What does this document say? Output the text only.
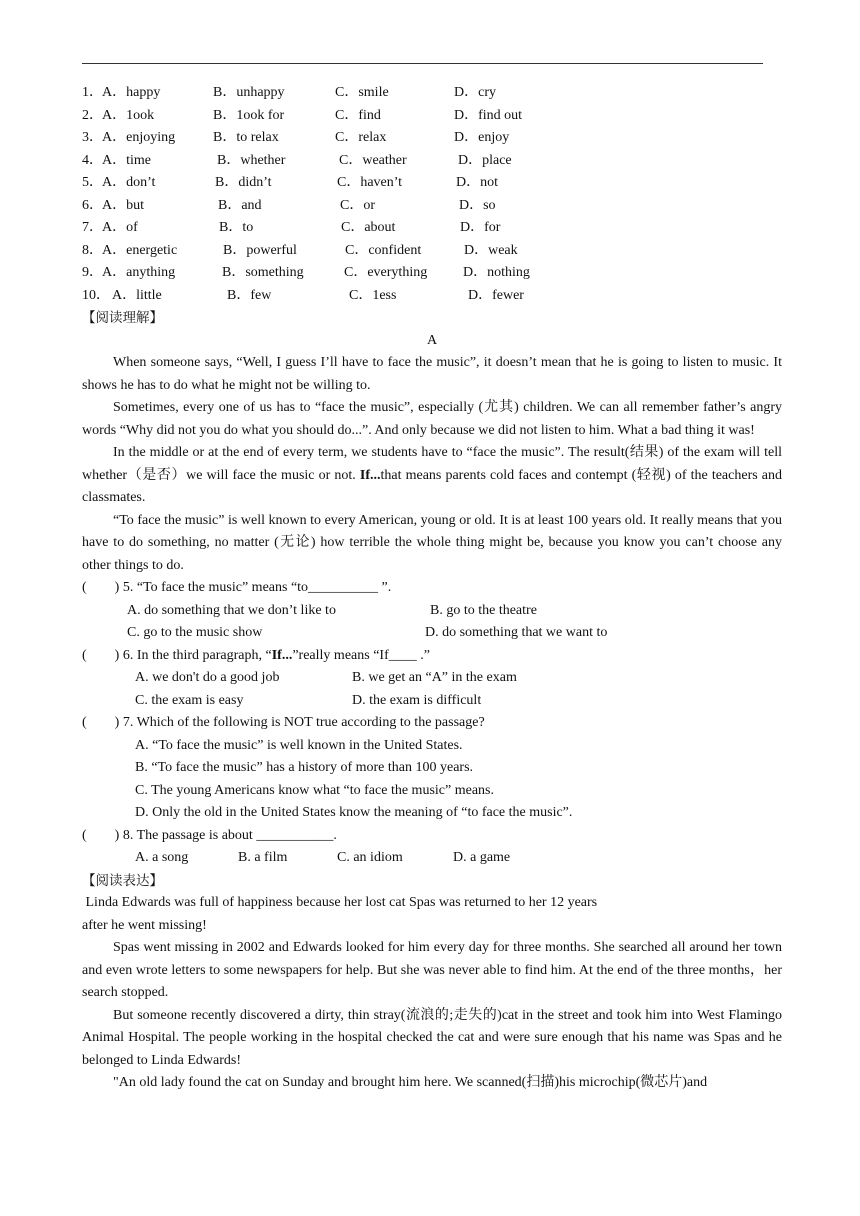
1． A．happy	B．unhappy	C．smile	D．cry
2． A．1ook	B．1ook for	C．find	D．find out
3． A．enjoying	B．to relax	C．relax	D．enjoy
4． A．time	B．whether	C．weather	D．place
5． A．don’t	B．didn’t	C．haven’t	D．not
6． A．but	B．and	C．or	D．so
7． A．of	B．to	C．about	D．for
8． A．energetic	B．powerful	C．confident	D．weak
9． A．anything	B．something	C．everything	D．nothing
10． A．little	B．few	C．1ess	D．fewer
【阅读理解】
A

When someone says, “Well, I guess I’ll have to face the music”, it doesn’t mean that he is going to listen to music. It shows he has to do what he might not be willing to.

Sometimes, every one of us has to “face the music”, especially (尤其) children. We can all remember father’s angry words “Why did not you do what you should do...”. And only because we did not listen to him. What a bad thing it was!

In the middle or at the end of every term, we students have to “face the music”. The result(结果) of the exam will tell whether（是否）we will face the music or not. If...that means parents cold faces and contempt (轻视) of the teachers and classmates.

“To face the music” is well known to every American, young or old. It is at least 100 years old. It really means that you have to do something, no matter (无论) how terrible the whole thing might be, because you know you can’t choose any other things to do.

(　　) 5. “To face the music” means “to__________ ”.
A. do something that we don’t like to	B. go to the theatre
C. go to the music show	D. do something that we want to
(　　) 6. In the third paragraph, “If...”really means “If____ .”
A. we don't do a good job	B. we get an “A” in the exam
C. the exam is easy	D. the exam is difficult
(　　) 7. Which of the following is NOT true according to the passage?
A. “To face the music” is well known in the United States.
B. “To face the music” has a history of more than 100 years.
C. The young Americans know what “to face the music” means.
D. Only the old in the United States know the meaning of “to face the music”.
(　　) 8. The passage is about ___________.
A. a song	B. a film	C. an idiom	D. a game
【阅读表达】
Linda Edwards was full of happiness because her lost cat Spas was returned to her 12 years
after he went missing!

Spas went missing in 2002 and Edwards looked for him every day for three months. She searched all around her town and even wrote letters to some newspapers for help. But she was never able to find him. At the end of the three months，her search stopped.

But someone recently discovered a dirty, thin stray(流浪的;走失的)cat in the street and took him into West Flamingo Animal Hospital. The people working in the hospital checked the cat and were sure enough that his name was Spas and he belonged to Linda Edwards!

"An old lady found the cat on Sunday and brought him here. We scanned(扫描)his microchip(微芯片)and
